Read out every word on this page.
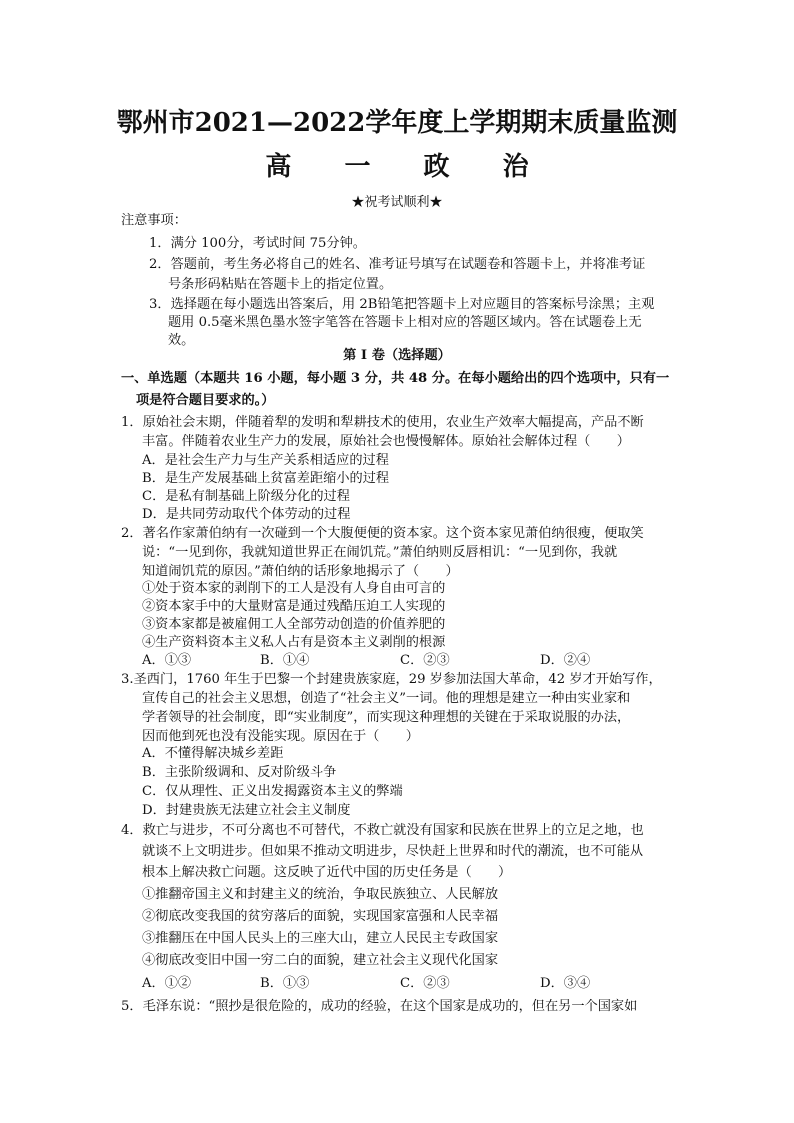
鄂州市2021—2022学年度上学期期末质量监测
高 一 政 治
★祝考试顺利★
注意事项：
1．满分 100分，考试时间 75分钟。
2．答题前，考生务必将自己的姓名、准考证号填写在试题卷和答题卡上，并将准考证
号条形码粘贴在答题卡上的指定位置。
3．选择题在每小题选出答案后，用 2B铅笔把答题卡上对应题目的答案标号涂黑；主观
题用 0.5毫米黑色墨水签字笔答在答题卡上相对应的答题区域内。答在试题卷上无
效。
第 I 卷（选择题）
一、单选题（本题共 16 小题，每小题 3 分，共 48 分。在每小题给出的四个选项中，只有一
项是符合题目要求的。）
1．原始社会末期，伴随着犁的发明和犁耕技术的使用，农业生产效率大幅提高，产品不断
丰富。伴随着农业生产力的发展，原始社会也慢慢解体。原始社会解体过程（　　）
A．是社会生产力与生产关系相适应的过程
B．是生产发展基础上贫富差距缩小的过程
C．是私有制基础上阶级分化的过程
D．是共同劳动取代个体劳动的过程
2．著名作家萧伯纳有一次碰到一个大腹便便的资本家。这个资本家见萧伯纳很瘦，便取笑
说：“一见到你，我就知道世界正在闹饥荒。”萧伯纳则反唇相讥：“一见到你，我就
知道闹饥荒的原因。”萧伯纳的话形象地揭示了（　　）
①处于资本家的剥削下的工人是没有人身自由可言的
②资本家手中的大量财富是通过残酷压迫工人实现的
③资本家都是被雇佣工人全部劳动创造的价值养肥的
④生产资料资本主义私人占有是资本主义剥削的根源
A．①③	B．①④	C．②③	D．②④
3.圣西门，1760 年生于巴黎一个封建贵族家庭，29 岁参加法国大革命，42 岁才开始写作，
宣传自己的社会主义思想，创造了“社会主义”一词。他的理想是建立一种由实业家和
学者领导的社会制度，即“实业制度”，而实现这种理想的关键在于采取说服的办法，
因而他到死也没有没能实现。原因在于（　　）
A．不懂得解决城乡差距
B．主张阶级调和、反对阶级斗争
C．仅从理性、正义出发揭露资本主义的弊端
D．封建贵族无法建立社会主义制度
4．救亡与进步，不可分离也不可替代，不救亡就没有国家和民族在世界上的立足之地，也
就谈不上文明进步。但如果不推动文明进步，尽快赶上世界和时代的潮流，也不可能从
根本上解决救亡问题。这反映了近代中国的历史任务是（　　）
①推翻帝国主义和封建主义的统治，争取民族独立、人民解放
②彻底改变我国的贫穷落后的面貌，实现国家富强和人民幸福
③推翻压在中国人民头上的三座大山，建立人民民主专政国家
④彻底改变旧中国一穷二白的面貌，建立社会主义现代化国家
A．①②	B．①③	C．②③	D．③④
5．毛泽东说：“照抄是很危险的，成功的经验，在这个国家是成功的，但在另一个国家如
